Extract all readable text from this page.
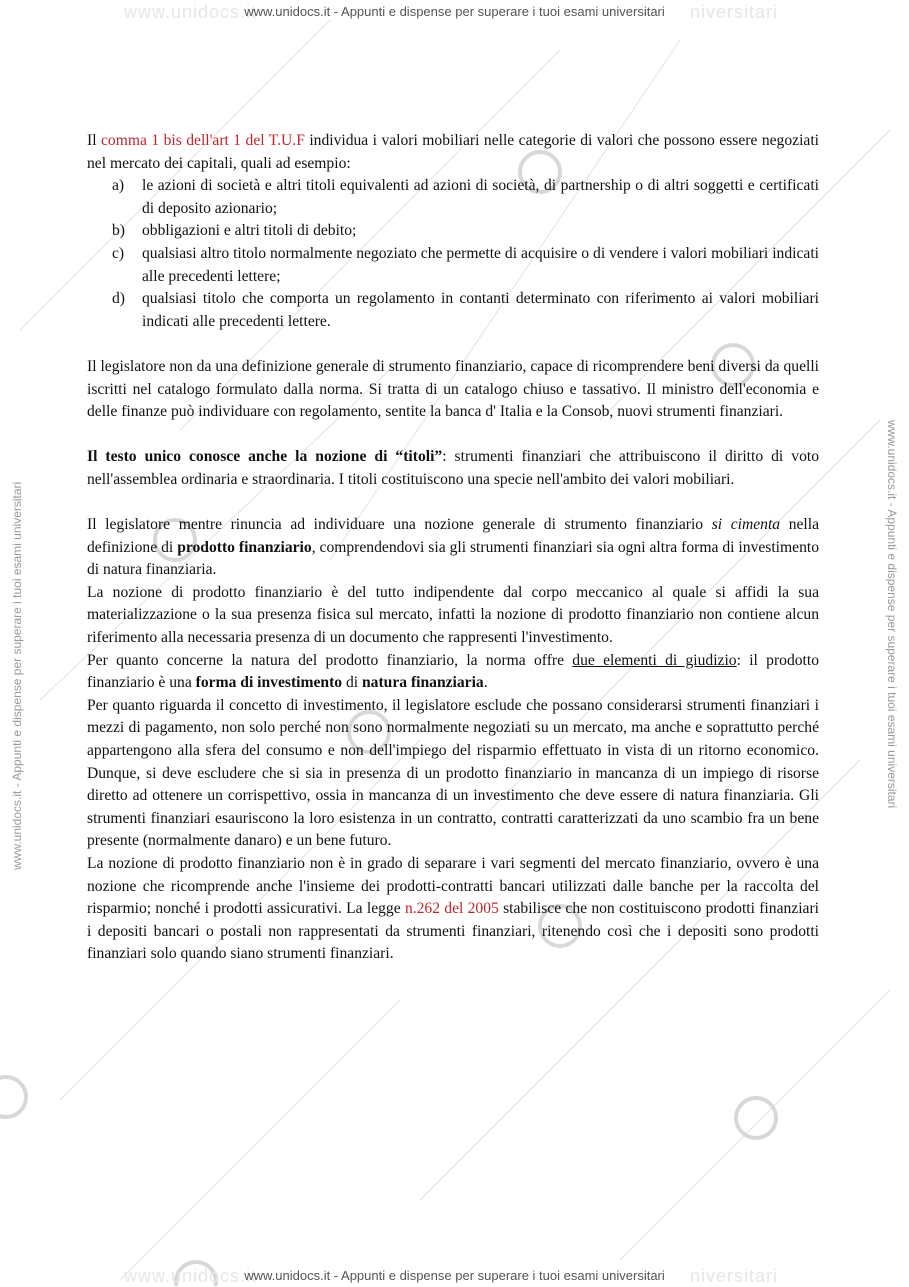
www.unidocs.it	niversitari
www.unidocs.it	niversitari
www.unidocs.it - Appunti e dispense per superare i tuoi esami universitari
www.unidocs.it - Appunti e dispense per superare i tuoi esami universitari
www.unidocs.it - Appunti e dispense per superare i tuoi esami universitari	www.unidocs.it - Appunti e dispense per superare i tuoi esami universitari

Il comma 1 bis dell'art 1 del T.U.F individua i valori mobiliari nelle categorie di valori che possono essere negoziati nel mercato dei capitali, quali ad esempio:

a) le azioni di società e altri titoli equivalenti ad azioni di società, di partnership o di altri soggetti e certificati di deposito azionario;
b) obbligazioni e altri titoli di debito;
c) qualsiasi altro titolo normalmente negoziato che permette di acquisire o di vendere i valori mobiliari indicati alle precedenti lettere;
d) qualsiasi titolo che comporta un regolamento in contanti determinato con riferimento ai valori mobiliari indicati alle precedenti lettere.

Il legislatore non da una definizione generale di strumento finanziario, capace di ricomprendere beni diversi da quelli iscritti nel catalogo formulato dalla norma. Si tratta di un catalogo chiuso e tassativo. Il ministro dell'economia e delle finanze può individuare con regolamento, sentite la banca d' Italia e la Consob, nuovi strumenti finanziari.

Il testo unico conosce anche la nozione di “titoli”: strumenti finanziari che attribuiscono il diritto di voto nell'assemblea ordinaria e straordinaria. I titoli costituiscono una specie nell'ambito dei valori mobiliari.

Il legislatore mentre rinuncia ad individuare una nozione generale di strumento finanziario si cimenta nella definizione di prodotto finanziario, comprendendovi sia gli strumenti finanziari sia ogni altra forma di investimento di natura finanziaria.

La nozione di prodotto finanziario è del tutto indipendente dal corpo meccanico al quale si affidi la sua materializzazione o la sua presenza fisica sul mercato, infatti la nozione di prodotto finanziario non contiene alcun riferimento alla necessaria presenza di un documento che rappresenti l'investimento.

Per quanto concerne la natura del prodotto finanziario, la norma offre due elementi di giudizio: il prodotto finanziario è una forma di investimento di natura finanziaria.

Per quanto riguarda il concetto di investimento, il legislatore esclude che possano considerarsi strumenti finanziari i mezzi di pagamento, non solo perché non sono normalmente negoziati su un mercato, ma anche e soprattutto perché appartengono alla sfera del consumo e non dell'impiego del risparmio effettuato in vista di un ritorno economico. Dunque, si deve escludere che si sia in presenza di un prodotto finanziario in mancanza di un impiego di risorse diretto ad ottenere un corrispettivo, ossia in mancanza di un investimento che deve essere di natura finanziaria. Gli strumenti finanziari esauriscono la loro esistenza in un contratto, contratti caratterizzati da uno scambio fra un bene presente (normalmente danaro) e un bene futuro.

La nozione di prodotto finanziario non è in grado di separare i vari segmenti del mercato finanziario, ovvero è una nozione che ricomprende anche l'insieme dei prodotti-contratti bancari utilizzati dalle banche per la raccolta del risparmio; nonché i prodotti assicurativi. La legge n.262 del 2005 stabilisce che non costituiscono prodotti finanziari i depositi bancari o postali non rappresentati da strumenti finanziari, ritenendo così che i depositi sono prodotti finanziari solo quando siano strumenti finanziari.
